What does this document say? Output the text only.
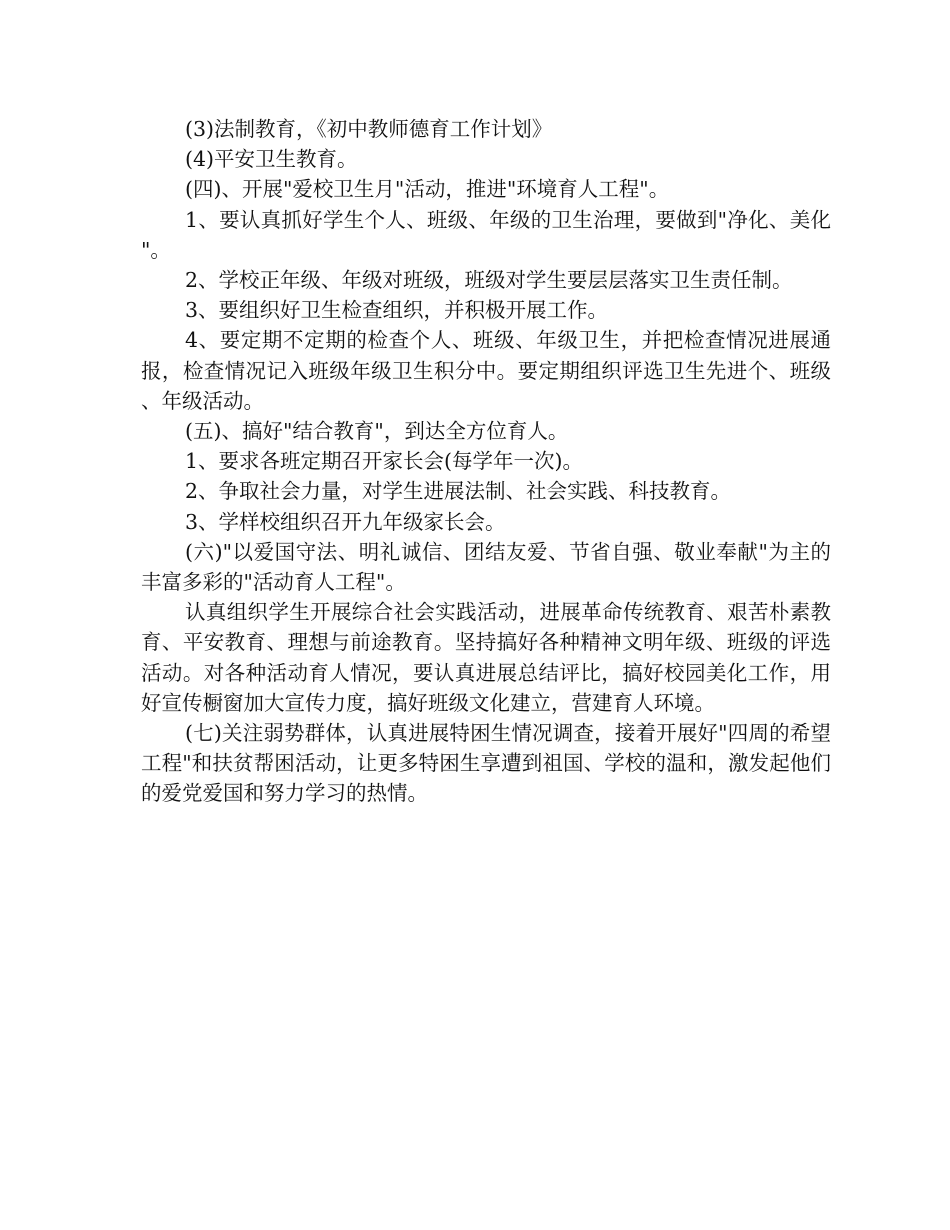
(3)法制教育，《初中教师德育工作计划》

(4)平安卫生教育。

(四)、开展"爱校卫生月"活动，推进"环境育人工程"。

1、要认真抓好学生个人、班级、年级的卫生治理，要做到"净化、美化"。

2、学校正年级、年级对班级，班级对学生要层层落实卫生责任制。

3、要组织好卫生检查组织，并积极开展工作。

4、要定期不定期的检查个人、班级、年级卫生，并把检查情况进展通报，检查情况记入班级年级卫生积分中。要定期组织评选卫生先进个、班级、年级活动。

(五)、搞好"结合教育"，到达全方位育人。

1、要求各班定期召开家长会(每学年一次)。

2、争取社会力量，对学生进展法制、社会实践、科技教育。

3、学样校组织召开九年级家长会。

(六)"以爱国守法、明礼诚信、团结友爱、节省自强、敬业奉献"为主的丰富多彩的"活动育人工程"。

认真组织学生开展综合社会实践活动，进展革命传统教育、艰苦朴素教育、平安教育、理想与前途教育。坚持搞好各种精神文明年级、班级的评选活动。对各种活动育人情况，要认真进展总结评比，搞好校园美化工作，用好宣传橱窗加大宣传力度，搞好班级文化建立，营建育人环境。

(七)关注弱势群体，认真进展特困生情况调查，接着开展好"四周的希望工程"和扶贫帮困活动，让更多特困生享遭到祖国、学校的温和，激发起他们的爱党爱国和努力学习的热情。
